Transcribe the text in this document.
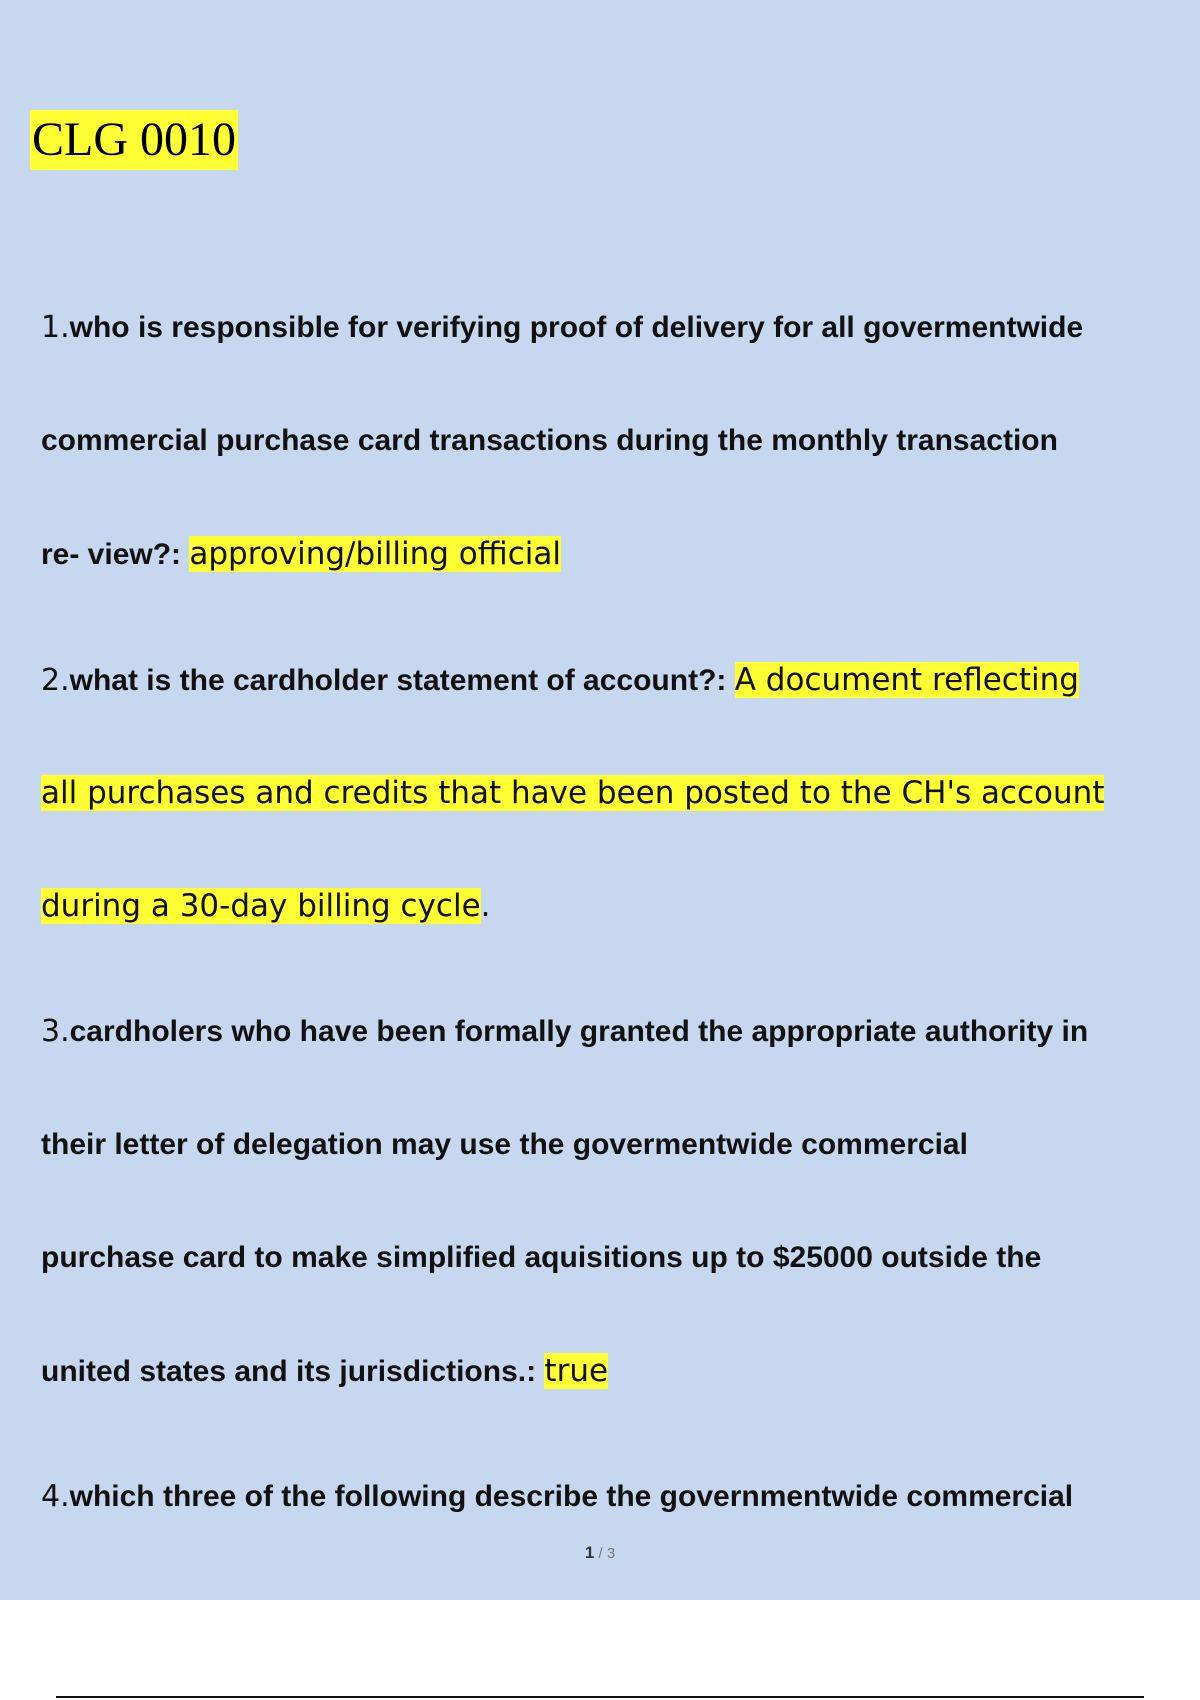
CLG 0010
1.who is responsible for verifying proof of delivery for all govermentwide
commercial purchase card transactions during the monthly transaction
re- view?: approving/billing official
2.what is the cardholder statement of account?: A document reflecting
all purchases and credits that have been posted to the CH's account
during a 30-day billing cycle.
3.cardholers who have been formally granted the appropriate authority in
their letter of delegation may use the govermentwide commercial
purchase card to make simplified aquisitions up to $25000 outside the
united states and its jurisdictions.: true
4.which three of the following describe the governmentwide commercial
1 / 3
